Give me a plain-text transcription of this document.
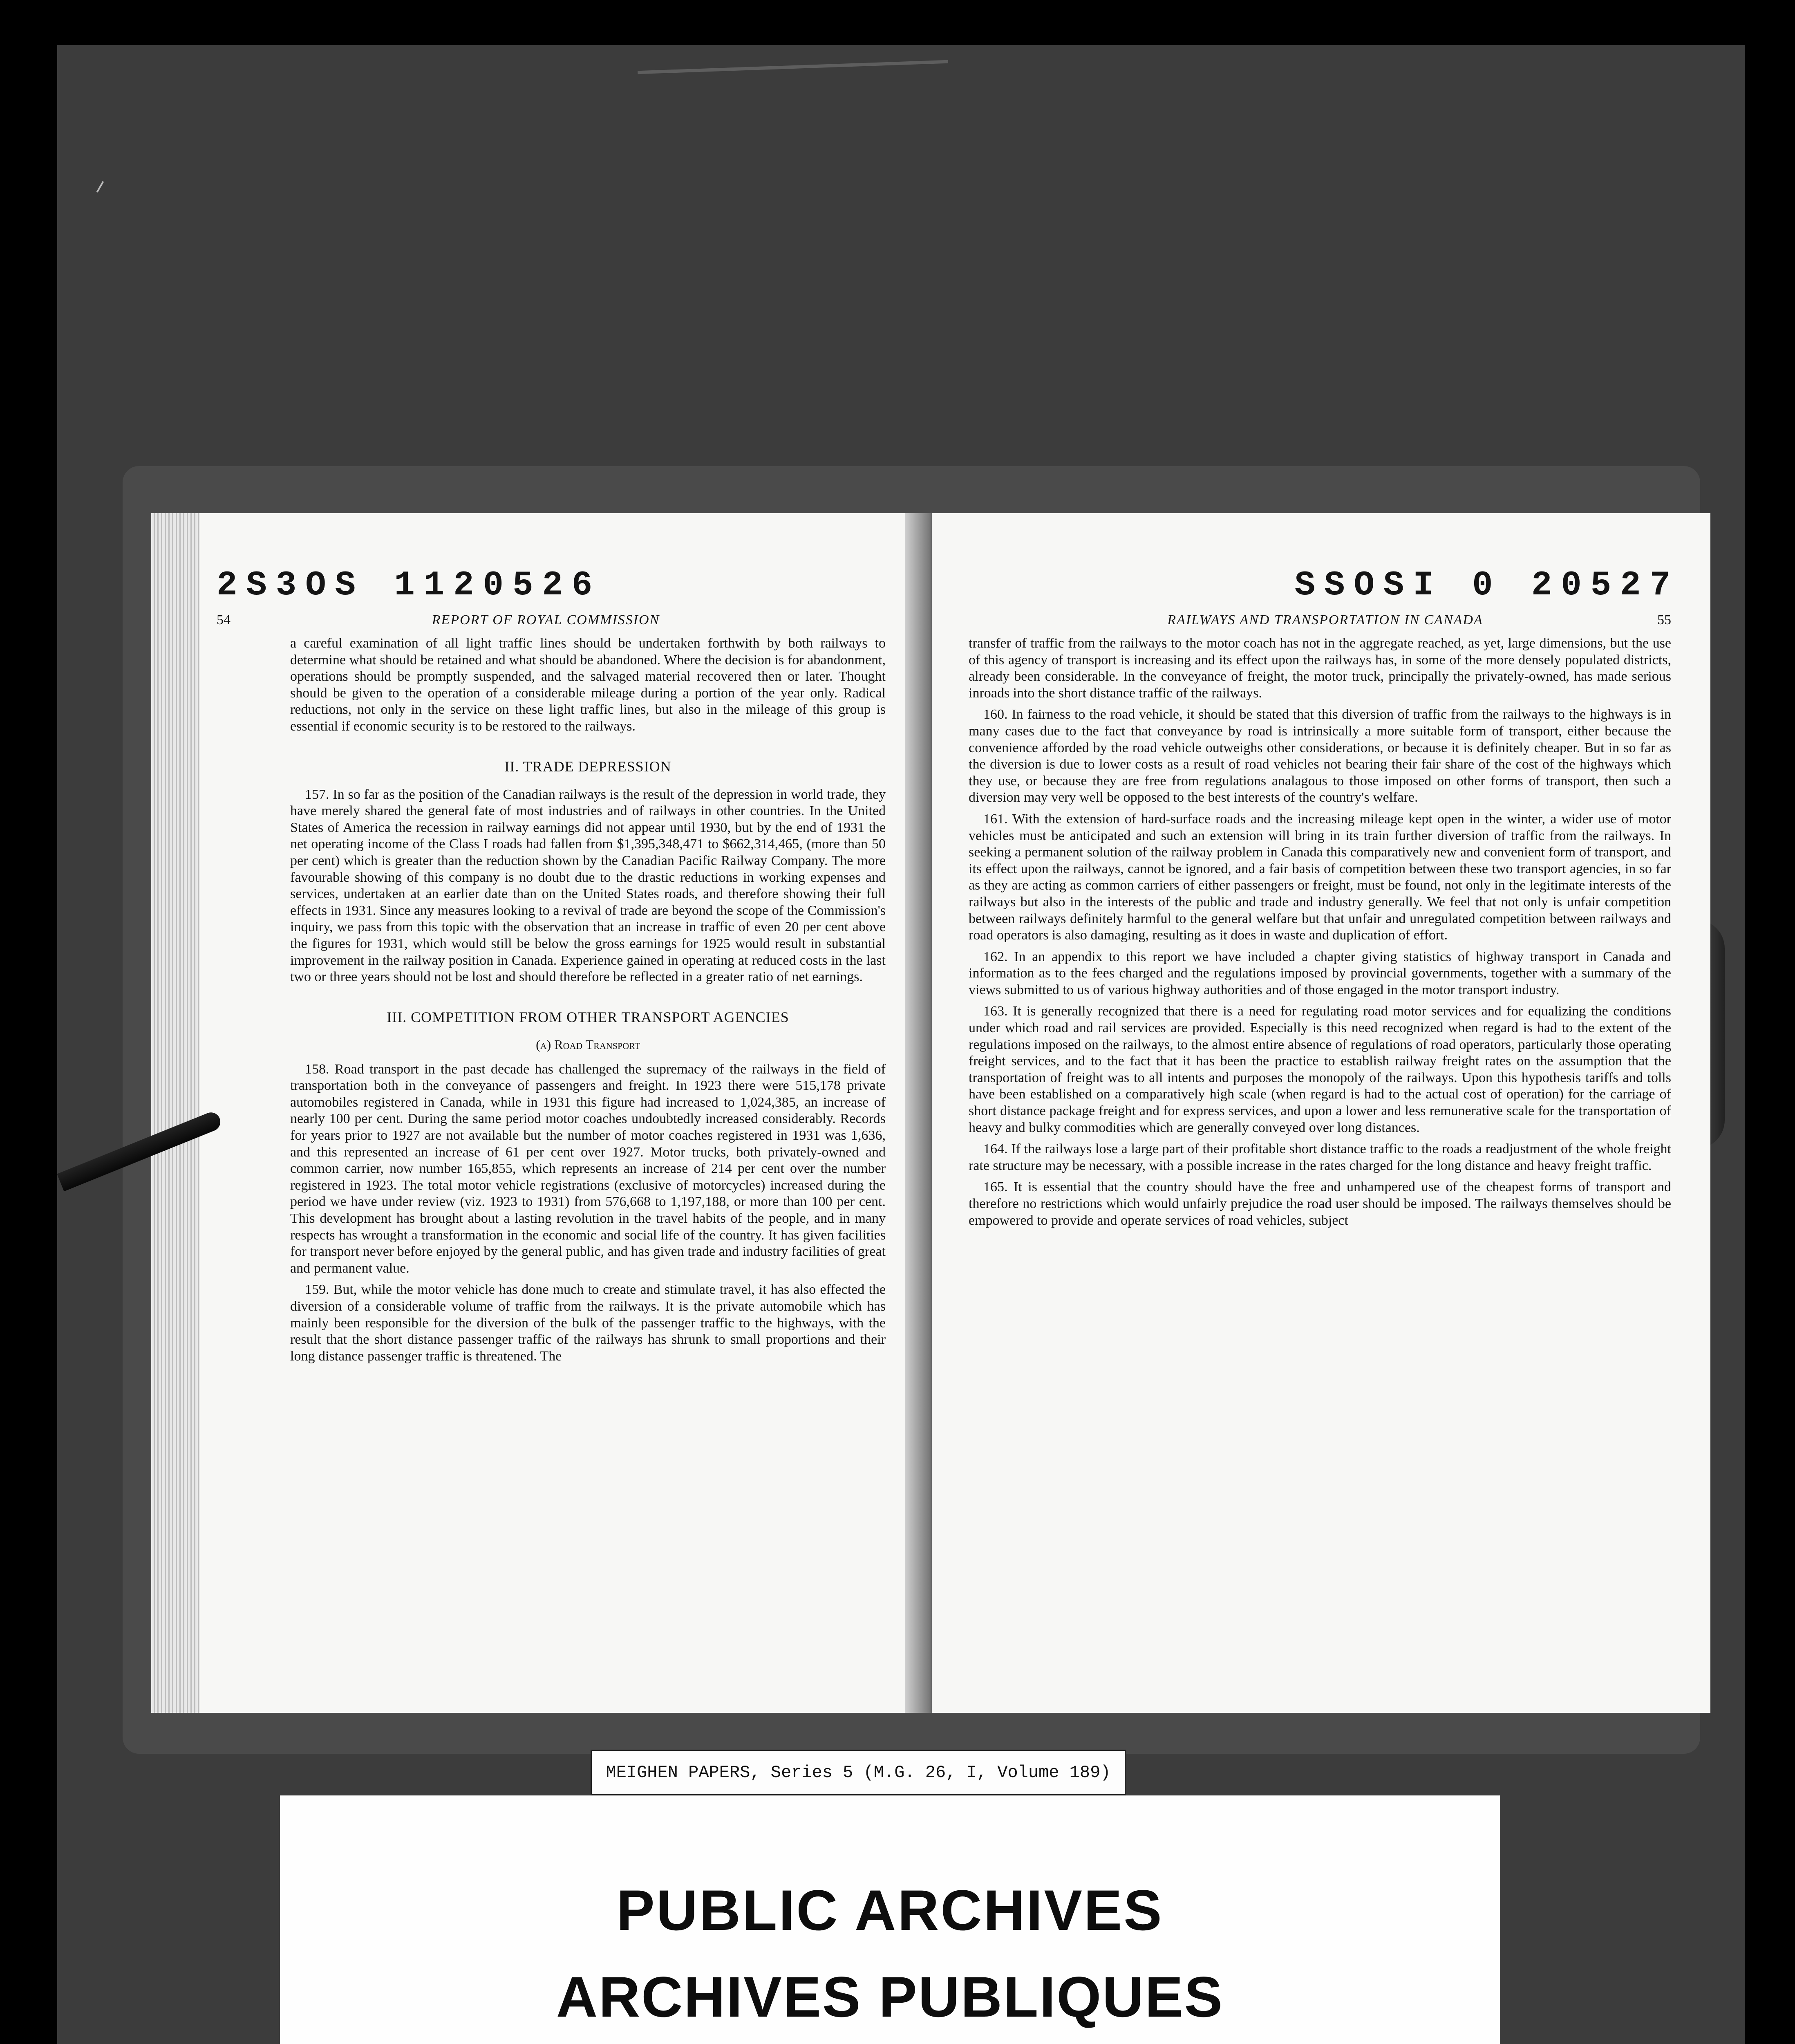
2S3OS 1120526
54	REPORT OF ROYAL COMMISSION

a careful examination of all light traffic lines should be undertaken forthwith by both railways to determine what should be retained and what should be abandoned. Where the decision is for abandonment, operations should be promptly suspended, and the salvaged material recovered then or later. Thought should be given to the operation of a considerable mileage during a portion of the year only. Radical reductions, not only in the service on these light traffic lines, but also in the mileage of this group is essential if economic security is to be restored to the railways.

II. TRADE DEPRESSION

157. In so far as the position of the Canadian railways is the result of the depression in world trade, they have merely shared the general fate of most industries and of railways in other countries. In the United States of America the recession in railway earnings did not appear until 1930, but by the end of 1931 the net operating income of the Class I roads had fallen from $1,395,348,471 to $662,314,465, (more than 50 per cent) which is greater than the reduction shown by the Canadian Pacific Railway Company. The more favourable showing of this company is no doubt due to the drastic reductions in working expenses and services, undertaken at an earlier date than on the United States roads, and therefore showing their full effects in 1931. Since any measures looking to a revival of trade are beyond the scope of the Commission's inquiry, we pass from this topic with the observation that an increase in traffic of even 20 per cent above the figures for 1931, which would still be below the gross earnings for 1925 would result in substantial improvement in the railway position in Canada. Experience gained in operating at reduced costs in the last two or three years should not be lost and should therefore be reflected in a greater ratio of net earnings.

III. COMPETITION FROM OTHER TRANSPORT AGENCIES
(a) Road Transport

158. Road transport in the past decade has challenged the supremacy of the railways in the field of transportation both in the conveyance of passengers and freight. In 1923 there were 515,178 private automobiles registered in Canada, while in 1931 this figure had increased to 1,024,385, an increase of nearly 100 per cent. During the same period motor coaches undoubtedly increased considerably. Records for years prior to 1927 are not available but the number of motor coaches registered in 1931 was 1,636, and this represented an increase of 61 per cent over 1927. Motor trucks, both privately-owned and common carrier, now number 165,855, which represents an increase of 214 per cent over the number registered in 1923. The total motor vehicle registrations (exclusive of motorcycles) increased during the period we have under review (viz. 1923 to 1931) from 576,668 to 1,197,188, or more than 100 per cent. This development has brought about a lasting revolution in the travel habits of the people, and in many respects has wrought a transformation in the economic and social life of the country. It has given facilities for transport never before enjoyed by the general public, and has given trade and industry facilities of great and permanent value.

159. But, while the motor vehicle has done much to create and stimulate travel, it has also effected the diversion of a considerable volume of traffic from the railways. It is the private automobile which has mainly been responsible for the diversion of the bulk of the passenger traffic to the highways, with the result that the short distance passenger traffic of the railways has shrunk to small proportions and their long distance passenger traffic is threatened. The

SSOSI 0 20527
RAILWAYS AND TRANSPORTATION IN CANADA	55

transfer of traffic from the railways to the motor coach has not in the aggregate reached, as yet, large dimensions, but the use of this agency of transport is increasing and its effect upon the railways has, in some of the more densely populated districts, already been considerable. In the conveyance of freight, the motor truck, principally the privately-owned, has made serious inroads into the short distance traffic of the railways.

160. In fairness to the road vehicle, it should be stated that this diversion of traffic from the railways to the highways is in many cases due to the fact that conveyance by road is intrinsically a more suitable form of transport, either because the convenience afforded by the road vehicle outweighs other considerations, or because it is definitely cheaper. But in so far as the diversion is due to lower costs as a result of road vehicles not bearing their fair share of the cost of the highways which they use, or because they are free from regulations analagous to those imposed on other forms of transport, then such a diversion may very well be opposed to the best interests of the country's welfare.

161. With the extension of hard-surface roads and the increasing mileage kept open in the winter, a wider use of motor vehicles must be anticipated and such an extension will bring in its train further diversion of traffic from the railways. In seeking a permanent solution of the railway problem in Canada this comparatively new and convenient form of transport, and its effect upon the railways, cannot be ignored, and a fair basis of competition between these two transport agencies, in so far as they are acting as common carriers of either passengers or freight, must be found, not only in the legitimate interests of the railways but also in the interests of the public and trade and industry generally. We feel that not only is unfair competition between railways definitely harmful to the general welfare but that unfair and unregulated competition between railways and road operators is also damaging, resulting as it does in waste and duplication of effort.

162. In an appendix to this report we have included a chapter giving statistics of highway transport in Canada and information as to the fees charged and the regulations imposed by provincial governments, together with a summary of the views submitted to us of various highway authorities and of those engaged in the motor transport industry.

163. It is generally recognized that there is a need for regulating road motor services and for equalizing the conditions under which road and rail services are provided. Especially is this need recognized when regard is had to the extent of the regulations imposed on the railways, to the almost entire absence of regulations of road operators, particularly those operating freight services, and to the fact that it has been the practice to establish railway freight rates on the assumption that the transportation of freight was to all intents and purposes the monopoly of the railways. Upon this hypothesis tariffs and tolls have been established on a comparatively high scale (when regard is had to the actual cost of operation) for the carriage of short distance package freight and for express services, and upon a lower and less remunerative scale for the transportation of heavy and bulky commodities which are generally conveyed over long distances.

164. If the railways lose a large part of their profitable short distance traffic to the roads a readjustment of the whole freight rate structure may be necessary, with a possible increase in the rates charged for the long distance and heavy freight traffic.

165. It is essential that the country should have the free and unhampered use of the cheapest forms of transport and therefore no restrictions which would unfairly prejudice the road user should be imposed. The railways themselves should be empowered to provide and operate services of road vehicles, subject

MEIGHEN PAPERS, Series 5 (M.G. 26, I, Volume 189)
PUBLIC ARCHIVES
ARCHIVES PUBLIQUES
